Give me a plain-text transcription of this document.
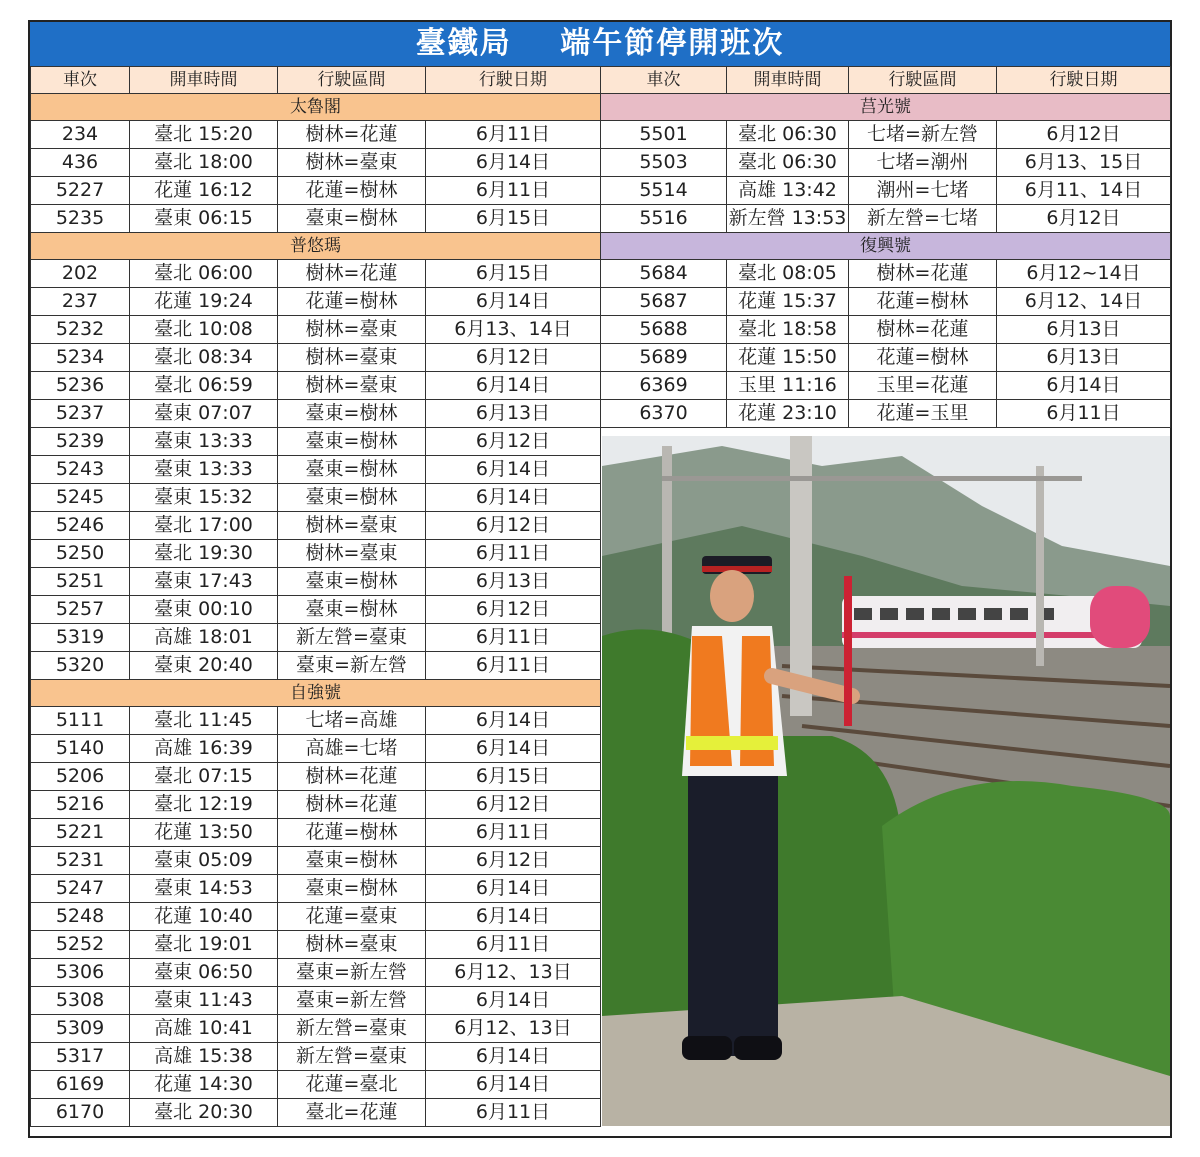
臺鐵局 端午節停開班次
車次	開車時間	行駛區間	行駛日期
太魯閣			
234	臺北 15:20	樹林=花蓮	6月11日
436	臺北 18:00	樹林=臺東	6月14日
5227	花蓮 16:12	花蓮=樹林	6月11日
5235	臺東 06:15	臺東=樹林	6月15日
普悠瑪			
202	臺北 06:00	樹林=花蓮	6月15日
237	花蓮 19:24	花蓮=樹林	6月14日
5232	臺北 10:08	樹林=臺東	6月13、14日
5234	臺北 08:34	樹林=臺東	6月12日
5236	臺北 06:59	樹林=臺東	6月14日
5237	臺東 07:07	臺東=樹林	6月13日
5239	臺東 13:33	臺東=樹林	6月12日
5243	臺東 13:33	臺東=樹林	6月14日
5245	臺東 15:32	臺東=樹林	6月14日
5246	臺北 17:00	樹林=臺東	6月12日
5250	臺北 19:30	樹林=臺東	6月11日
5251	臺東 17:43	臺東=樹林	6月13日
5257	臺東 00:10	臺東=樹林	6月12日
5319	高雄 18:01	新左營=臺東	6月11日
5320	臺東 20:40	臺東=新左營	6月11日
自強號			
5111	臺北 11:45	七堵=高雄	6月14日
5140	高雄 16:39	高雄=七堵	6月14日
5206	臺北 07:15	樹林=花蓮	6月15日
5216	臺北 12:19	樹林=花蓮	6月12日
5221	花蓮 13:50	花蓮=樹林	6月11日
5231	臺東 05:09	臺東=樹林	6月12日
5247	臺東 14:53	臺東=樹林	6月14日
5248	花蓮 10:40	花蓮=臺東	6月14日
5252	臺北 19:01	樹林=臺東	6月11日
5306	臺東 06:50	臺東=新左營	6月12、13日
5308	臺東 11:43	臺東=新左營	6月14日
5309	高雄 10:41	新左營=臺東	6月12、13日
5317	高雄 15:38	新左營=臺東	6月14日
6169	花蓮 14:30	花蓮=臺北	6月14日
6170	臺北 20:30	臺北=花蓮	6月11日
車次	開車時間	行駛區間	行駛日期
莒光號			
5501	臺北 06:30	七堵=新左營	6月12日
5503	臺北 06:30	七堵=潮州	6月13、15日
5514	高雄 13:42	潮州=七堵	6月11、14日
5516	新左營 13:53	新左營=七堵	6月12日
復興號			
5684	臺北 08:05	樹林=花蓮	6月12~14日
5687	花蓮 15:37	花蓮=樹林	6月12、14日
5688	臺北 18:58	樹林=花蓮	6月13日
5689	花蓮 15:50	花蓮=樹林	6月13日
6369	玉里 11:16	玉里=花蓮	6月14日
6370	花蓮 23:10	花蓮=玉里	6月11日
